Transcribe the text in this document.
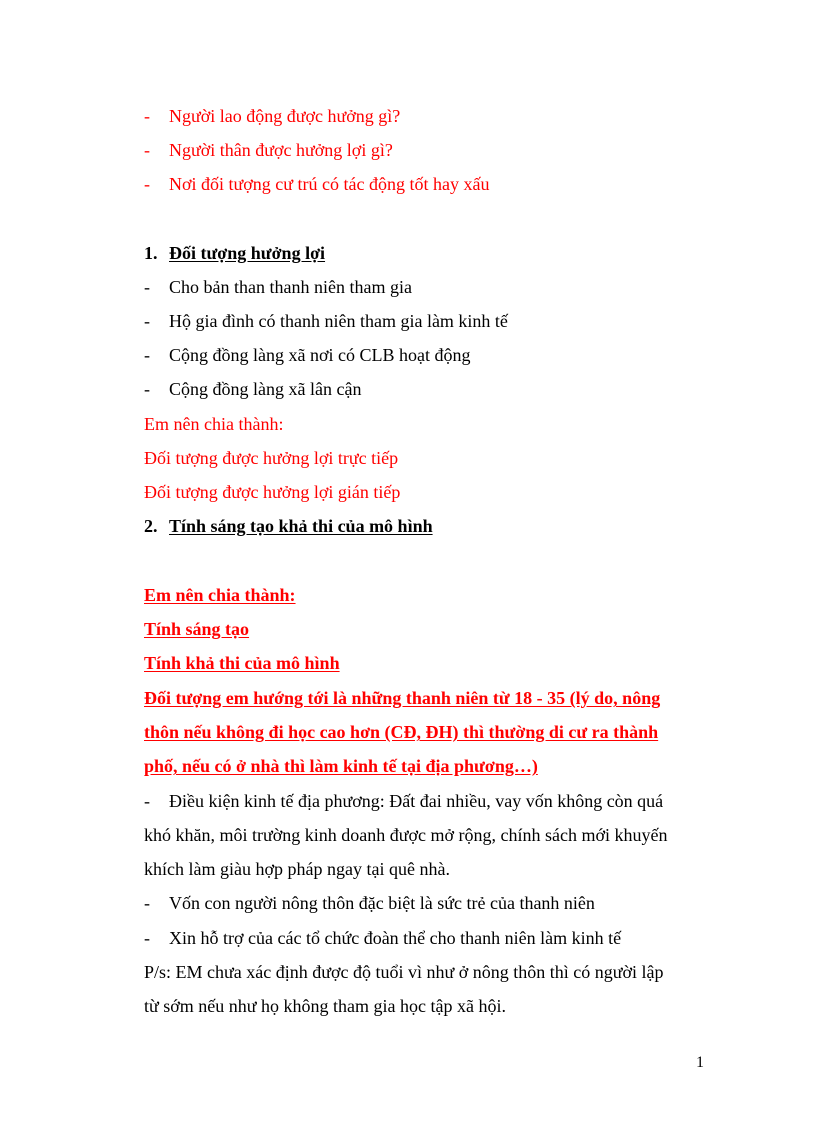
- Người lao động được hưởng gì?
- Người thân được hưởng lợi gì?
- Nơi đối tượng cư trú có tác động tốt hay xấu
1. Đối tượng hưởng lợi
- Cho bản than thanh niên tham gia
- Hộ gia đình có thanh niên tham gia làm kinh tế
- Cộng đồng làng xã nơi có CLB hoạt động
- Cộng đồng làng xã lân cận
Em nên chia thành:
Đối tượng được hưởng lợi trực tiếp
Đối tượng được hưởng lợi gián tiếp
2. Tính sáng tạo khả thi của mô hình
Em nên chia thành:
Tính sáng tạo
Tính khả thi của mô hình
Đối tượng em hướng tới là những thanh niên từ 18 - 35 (lý do, nông
thôn nếu không đi học cao hơn (CĐ, ĐH) thì thường di cư ra thành
phố, nếu có ở nhà thì làm kinh tế tại địa phương…)
- Điều kiện kinh tế địa phương: Đất đai nhiều, vay vốn không còn quá
khó khăn, môi trường kinh doanh được mở rộng, chính sách mới khuyến
khích làm giàu hợp pháp ngay tại quê nhà.
- Vốn con người nông thôn đặc biệt là sức trẻ của thanh niên
- Xin hỗ trợ của các tổ chức đoàn thể cho thanh niên làm kinh tế
P/s: EM chưa xác định được độ tuổi vì như ở nông thôn thì có người lập
từ sớm nếu như họ không tham gia học tập xã hội.
1
